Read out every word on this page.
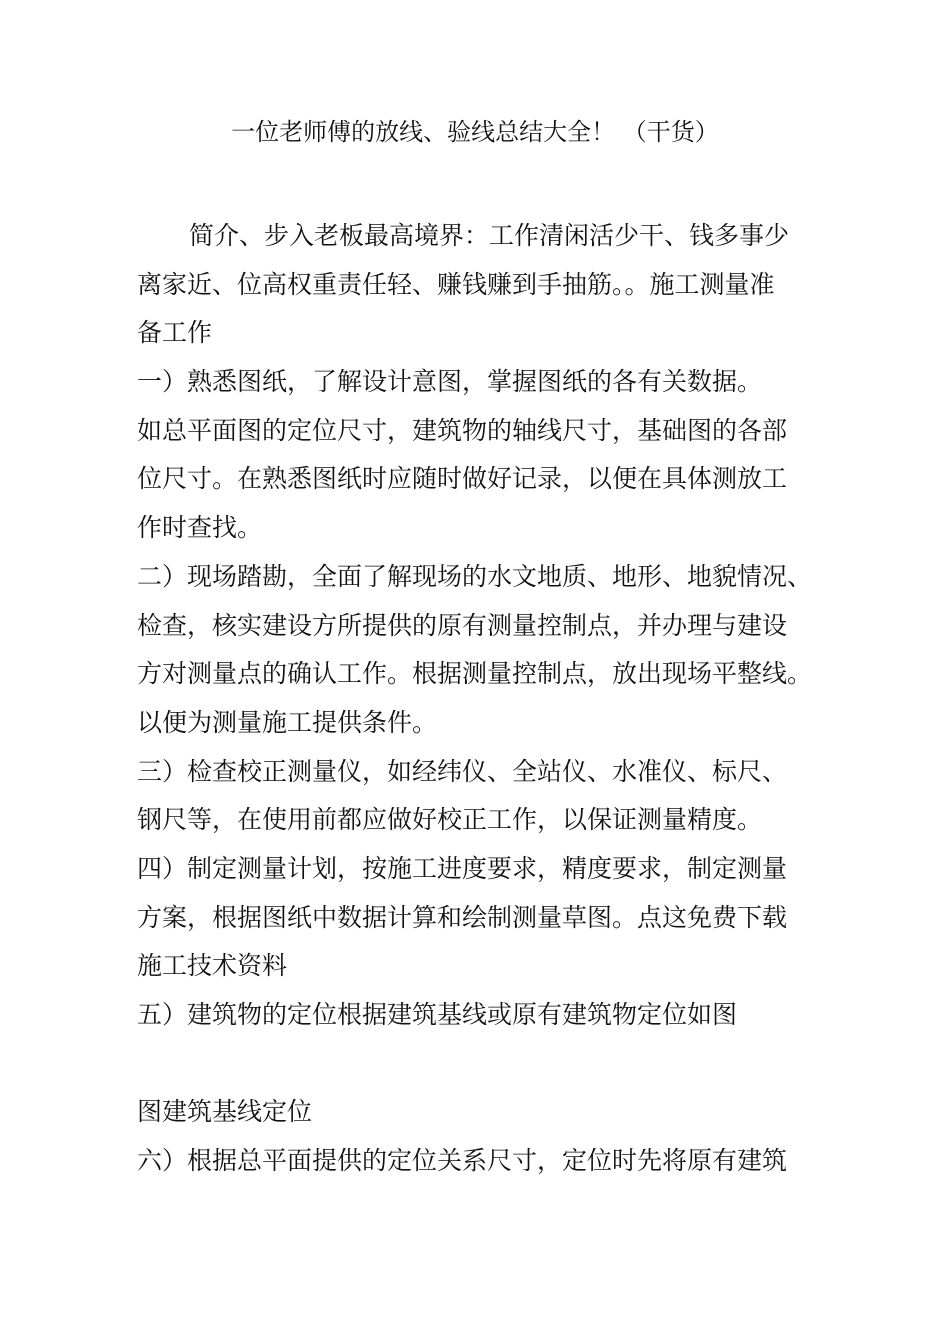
一位老师傅的放线、验线总结大全！ （干货）
简介、步入老板最高境界：工作清闲活少干、钱多事少
离家近、位高权重责任轻、赚钱赚到手抽筋。。施工测量准
备工作
一）熟悉图纸，了解设计意图，掌握图纸的各有关数据。
如总平面图的定位尺寸，建筑物的轴线尺寸，基础图的各部
位尺寸。在熟悉图纸时应随时做好记录，以便在具体测放工
作时查找。
二）现场踏勘，全面了解现场的水文地质、地形、地貌情况、
检查，核实建设方所提供的原有测量控制点，并办理与建设
方对测量点的确认工作。根据测量控制点，放出现场平整线。
以便为测量施工提供条件。
三）检查校正测量仪，如经纬仪、全站仪、水准仪、标尺、
钢尺等，在使用前都应做好校正工作，以保证测量精度。
四）制定测量计划，按施工进度要求，精度要求，制定测量
方案，根据图纸中数据计算和绘制测量草图。点这免费下载
施工技术资料
五）建筑物的定位根据建筑基线或原有建筑物定位如图
图建筑基线定位
六）根据总平面提供的定位关系尺寸，定位时先将原有建筑
